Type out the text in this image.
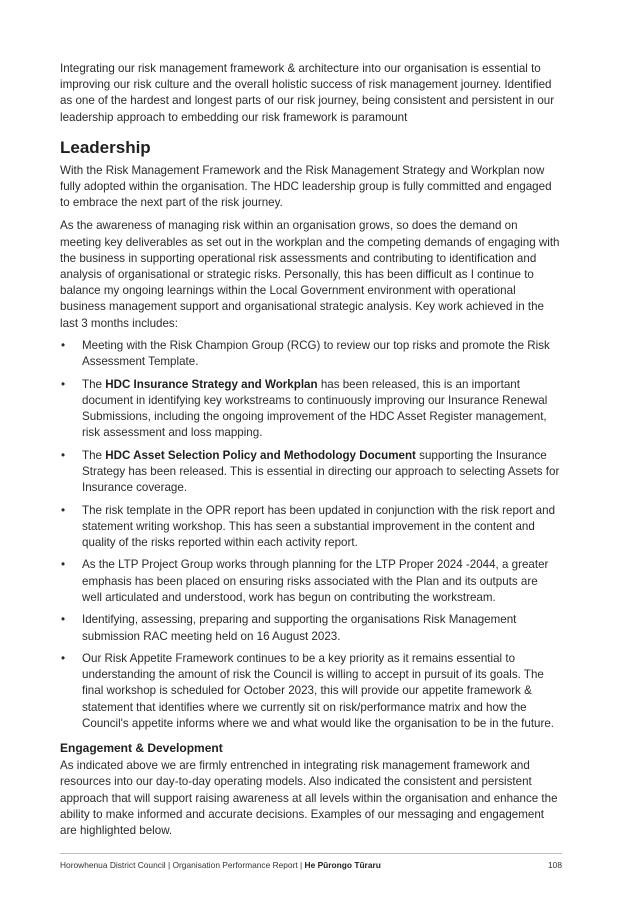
Integrating our risk management framework & architecture into our organisation is essential to improving our risk culture and the overall holistic success of risk management journey. Identified as one of the hardest and longest parts of our risk journey, being consistent and persistent in our leadership approach to embedding our risk framework is paramount

Leadership

With the Risk Management Framework and the Risk Management Strategy and Workplan now fully adopted within the organisation. The HDC leadership group is fully committed and engaged to embrace the next part of the risk journey.

As the awareness of managing risk within an organisation grows, so does the demand on meeting key deliverables as set out in the workplan and the competing demands of engaging with the business in supporting operational risk assessments and contributing to identification and analysis of organisational or strategic risks. Personally, this has been difficult as I continue to balance my ongoing learnings within the Local Government environment with operational business management support and organisational strategic analysis. Key work achieved in the last 3 months includes:

• Meeting with the Risk Champion Group (RCG) to review our top risks and promote the Risk Assessment Template.
• The HDC Insurance Strategy and Workplan has been released, this is an important document in identifying key workstreams to continuously improving our Insurance Renewal Submissions, including the ongoing improvement of the HDC Asset Register management, risk assessment and loss mapping.
• The HDC Asset Selection Policy and Methodology Document supporting the Insurance Strategy has been released. This is essential in directing our approach to selecting Assets for Insurance coverage.
• The risk template in the OPR report has been updated in conjunction with the risk report and statement writing workshop. This has seen a substantial improvement in the content and quality of the risks reported within each activity report.
• As the LTP Project Group works through planning for the LTP Proper 2024 -2044, a greater emphasis has been placed on ensuring risks associated with the Plan and its outputs are well articulated and understood, work has begun on contributing the workstream.
• Identifying, assessing, preparing and supporting the organisations Risk Management submission RAC meeting held on 16 August 2023.
• Our Risk Appetite Framework continues to be a key priority as it remains essential to understanding the amount of risk the Council is willing to accept in pursuit of its goals. The final workshop is scheduled for October 2023, this will provide our appetite framework & statement that identifies where we currently sit on risk/performance matrix and how the Council's appetite informs where we and what would like the organisation to be in the future.
Engagement & Development

As indicated above we are firmly entrenched in integrating risk management framework and resources into our day-to-day operating models. Also indicated the consistent and persistent approach that will support raising awareness at all levels within the organisation and enhance the ability to make informed and accurate decisions. Examples of our messaging and engagement are highlighted below.

Horowhenua District Council | Organisation Performance Report | He Pūrongo Tūraru	108
